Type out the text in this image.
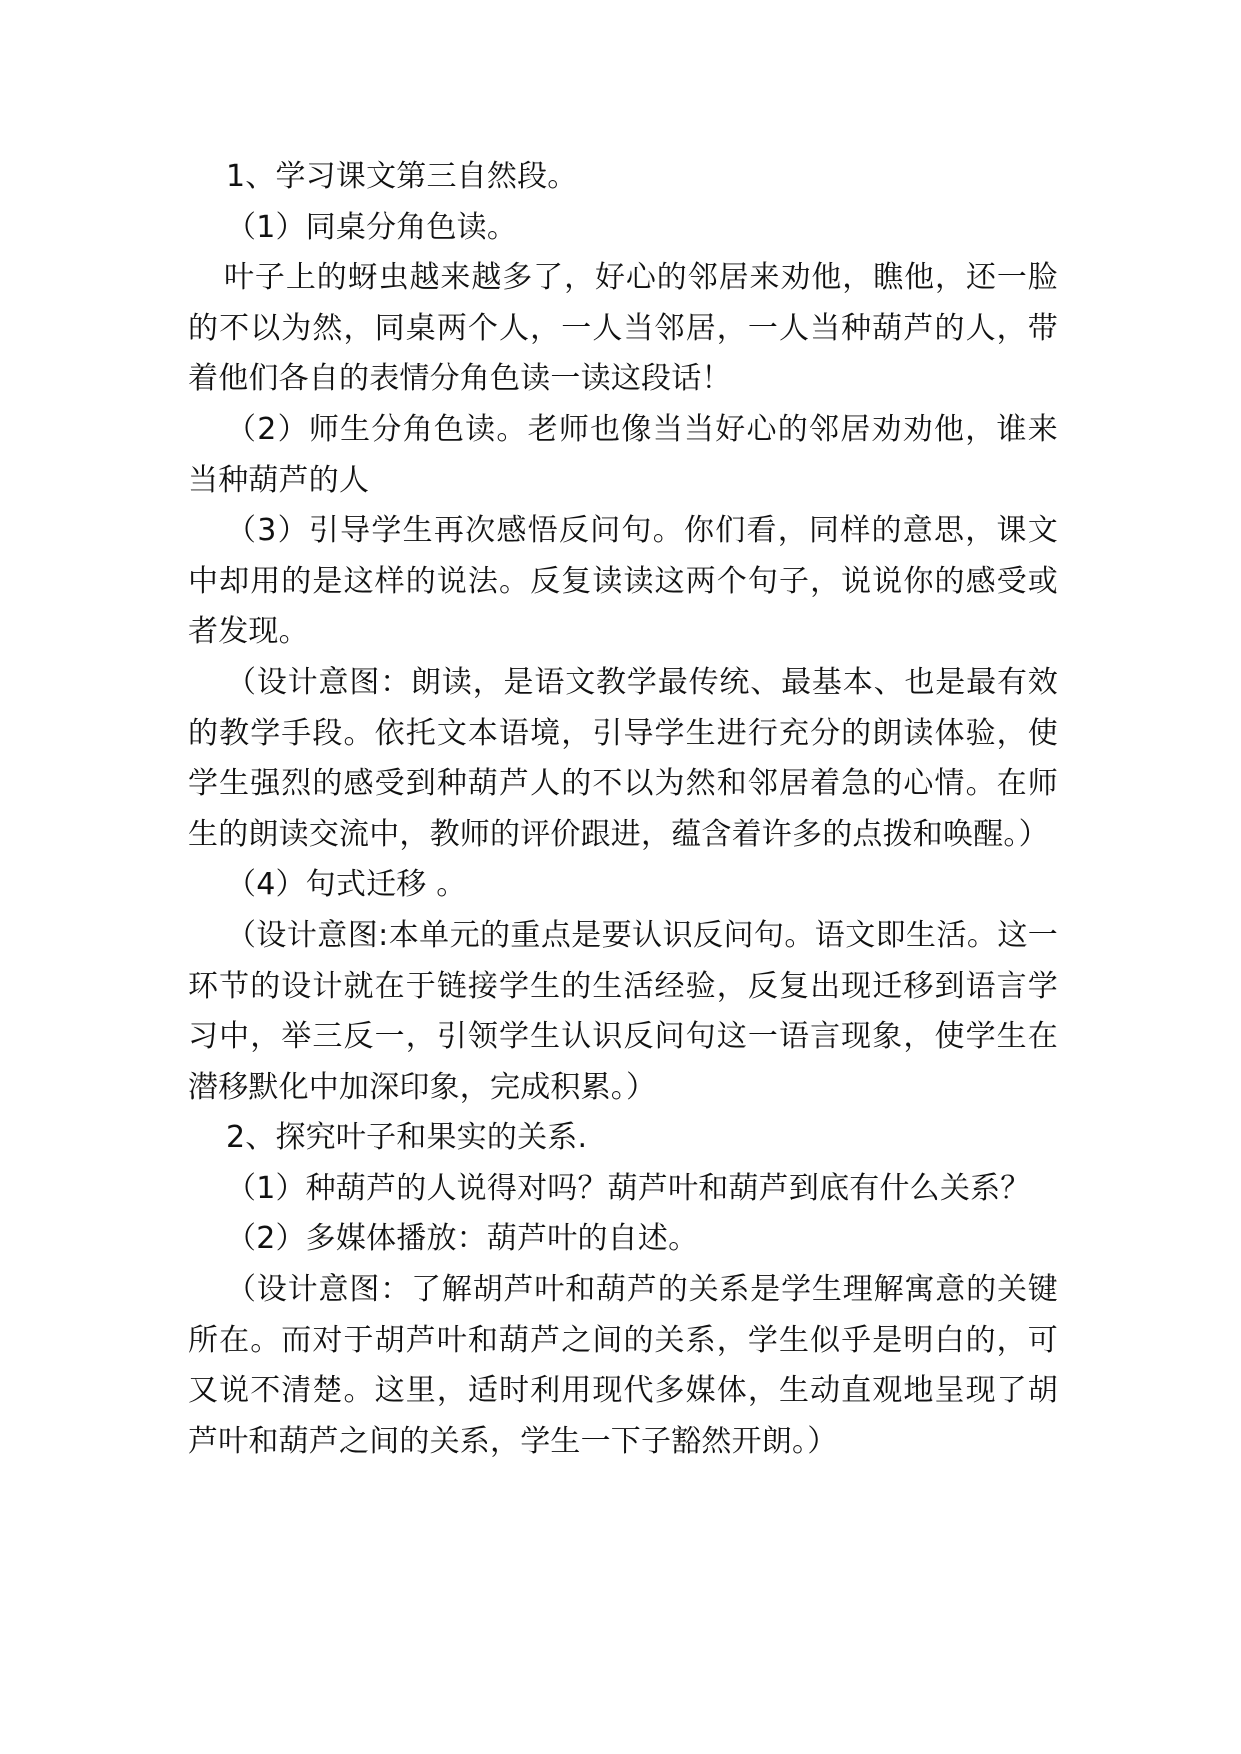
1、学习课文第三自然段。

（1）同桌分角色读。

叶子上的蚜虫越来越多了，好心的邻居来劝他，瞧他，还一脸的不以为然，同桌两个人，一人当邻居，一人当种葫芦的人，带着他们各自的表情分角色读一读这段话！

（2）师生分角色读。老师也像当当好心的邻居劝劝他，谁来当种葫芦的人

（3）引导学生再次感悟反问句。你们看，同样的意思，课文中却用的是这样的说法。反复读读这两个句子，说说你的感受或者发现。

（设计意图：朗读，是语文教学最传统、最基本、也是最有效的教学手段。依托文本语境，引导学生进行充分的朗读体验，使学生强烈的感受到种葫芦人的不以为然和邻居着急的心情。在师生的朗读交流中，教师的评价跟进，蕴含着许多的点拨和唤醒。）

（4）句式迁移 。

（设计意图:本单元的重点是要认识反问句。语文即生活。这一环节的设计就在于链接学生的生活经验，反复出现迁移到语言学习中，举三反一，引领学生认识反问句这一语言现象，使学生在潜移默化中加深印象，完成积累。）

2、探究叶子和果实的关系.

（1）种葫芦的人说得对吗？葫芦叶和葫芦到底有什么关系？

（2）多媒体播放：葫芦叶的自述。

（设计意图：了解胡芦叶和葫芦的关系是学生理解寓意的关键所在。而对于胡芦叶和葫芦之间的关系，学生似乎是明白的，可又说不清楚。这里，适时利用现代多媒体，生动直观地呈现了胡芦叶和葫芦之间的关系，学生一下子豁然开朗。）
